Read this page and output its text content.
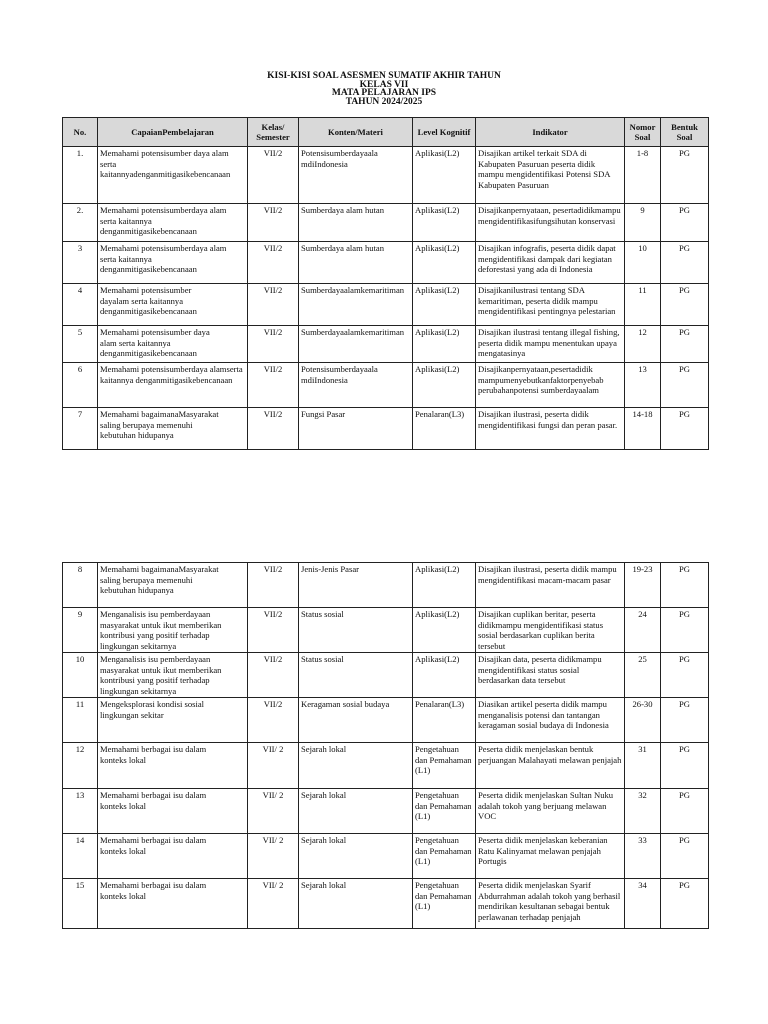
KISI-KISI SOAL ASESMEN SUMATIF AKHIR TAHUN
KELAS VII
MATA PELAJARAN IPS
TAHUN 2024/2025
No.	CapaianPembelajaran	Kelas/ Semester	Konten/Materi	Level Kognitif	Indikator	Nomor Soal	Bentuk Soal
1.	Memahami potensisumber daya alam
serta
kaitannyadenganmitigasikebencanaan	VII/2	Potensisumberdayaala mdiIndonesia	Aplikasi(L2)	Disajikan artikel terkait SDA di Kabupaten Pasuruan peserta didik mampu mengidentifikasi Potensi SDA Kabupaten Pasuruan	1-8	PG
2.	Memahami potensisumberdaya alam
serta kaitannya
denganmitigasikebencanaan	VII/2	Sumberdaya alam hutan	Aplikasi(L2)	Disajikanpernyataan, pesertadidikmampu mengidentifikasifungsihutan konservasi	9	PG
3	Memahami potensisumberdaya alam
serta kaitannya
denganmitigasikebencanaan	VII/2	Sumberdaya alam hutan	Aplikasi(L2)	Disajikan infografis, peserta didik dapat mengidentifikasi dampak dari kegiatan deforestasi yang ada di Indonesia	10	PG
4	Memahami potensisumber
dayalam serta kaitannya
denganmitigasikebencanaan	VII/2	Sumberdayaalamkemaritiman	Aplikasi(L2)	Disajikanilustrasi tentang SDA kemaritiman, peserta didik mampu mengidentifikasi pentingnya pelestarian	11	PG
5	Memahami potensisumber daya
alam serta kaitannya
denganmitigasikebencanaan	VII/2	Sumberdayaalamkemaritiman	Aplikasi(L2)	Disajikan ilustrasi tentang illegal fishing, peserta didik mampu menentukan upaya mengatasinya	12	PG
6	Memahami potensisumberdaya alamserta kaitannya denganmitigasikebencanaan	VII/2	Potensisumberdayaala mdiIndonesia	Aplikasi(L2)	Disajikanpernyataan,pesertadidik mampumenyebutkanfaktorpenyebab perubahanpotensi sumberdayaalam	13	PG
7	Memahami bagaimanaMasyarakat
saling berupaya memenuhi
kebutuhan hidupanya	VII/2	Fungsi Pasar	Penalaran(L3)	Disajikan ilustrasi, peserta didik mengidentifikasi fungsi dan peran pasar.	14-18	PG
8	Memahami bagaimanaMasyarakat
saling berupaya memenuhi
kebutuhan hidupanya	VII/2	Jenis-Jenis Pasar	Aplikasi(L2)	Disajikan ilustrasi, peserta didik mampu mengidentifikasi macam-macam pasar	19-23	PG
9	Menganalisis isu pemberdayaan
masyarakat untuk ikut memberikan
kontribusi yang positif terhadap
lingkungan sekitarnya	VII/2	Status sosial	Aplikasi(L2)	Disajikan cuplikan beritar, peserta didikmampu mengidentifikasi status sosial berdasarkan cuplikan berita tersebut	24	PG
10	Menganalisis isu pemberdayaan
masyarakat untuk ikut memberikan
kontribusi yang positif terhadap
lingkungan sekitarnya	VII/2	Status sosial	Aplikasi(L2)	Disajikan data, peserta didikmampu mengidentifikasi status sosial berdasarkan data tersebut	25	PG
11	Mengeksplorasi kondisi sosial
lingkungan sekitar	VII/2	Keragaman sosial budaya	Penalaran(L3)	Diasikan artikel peserta didik mampu menganalisis potensi dan tantangan keragaman sosial budaya di Indonesia	26-30	PG
12	Memahami berbagai isu dalam
konteks lokal	VII/ 2	Sejarah lokal	Pengetahuan dan Pemahaman (L1)	Peserta didik menjelaskan bentuk perjuangan Malahayati melawan penjajah	31	PG
13	Memahami berbagai isu dalam
konteks lokal	VII/ 2	Sejarah lokal	Pengetahuan dan Pemahaman (L1)	Peserta didik menjelaskan Sultan Nuku adalah tokoh yang berjuang melawan VOC	32	PG
14	Memahami berbagai isu dalam
konteks lokal	VII/ 2	Sejarah lokal	Pengetahuan dan Pemahaman (L1)	Peserta didik menjelaskan keberanian Ratu Kalinyamat melawan penjajah Portugis	33	PG
15	Memahami berbagai isu dalam
konteks lokal	VII/ 2	Sejarah lokal	Pengetahuan dan Pemahaman (L1)	Peserta didik menjelaskan Syarif Abdurrahman adalah tokoh yang berhasil mendirikan kesultanan sebagai bentuk perlawanan terhadap penjajah	34	PG
